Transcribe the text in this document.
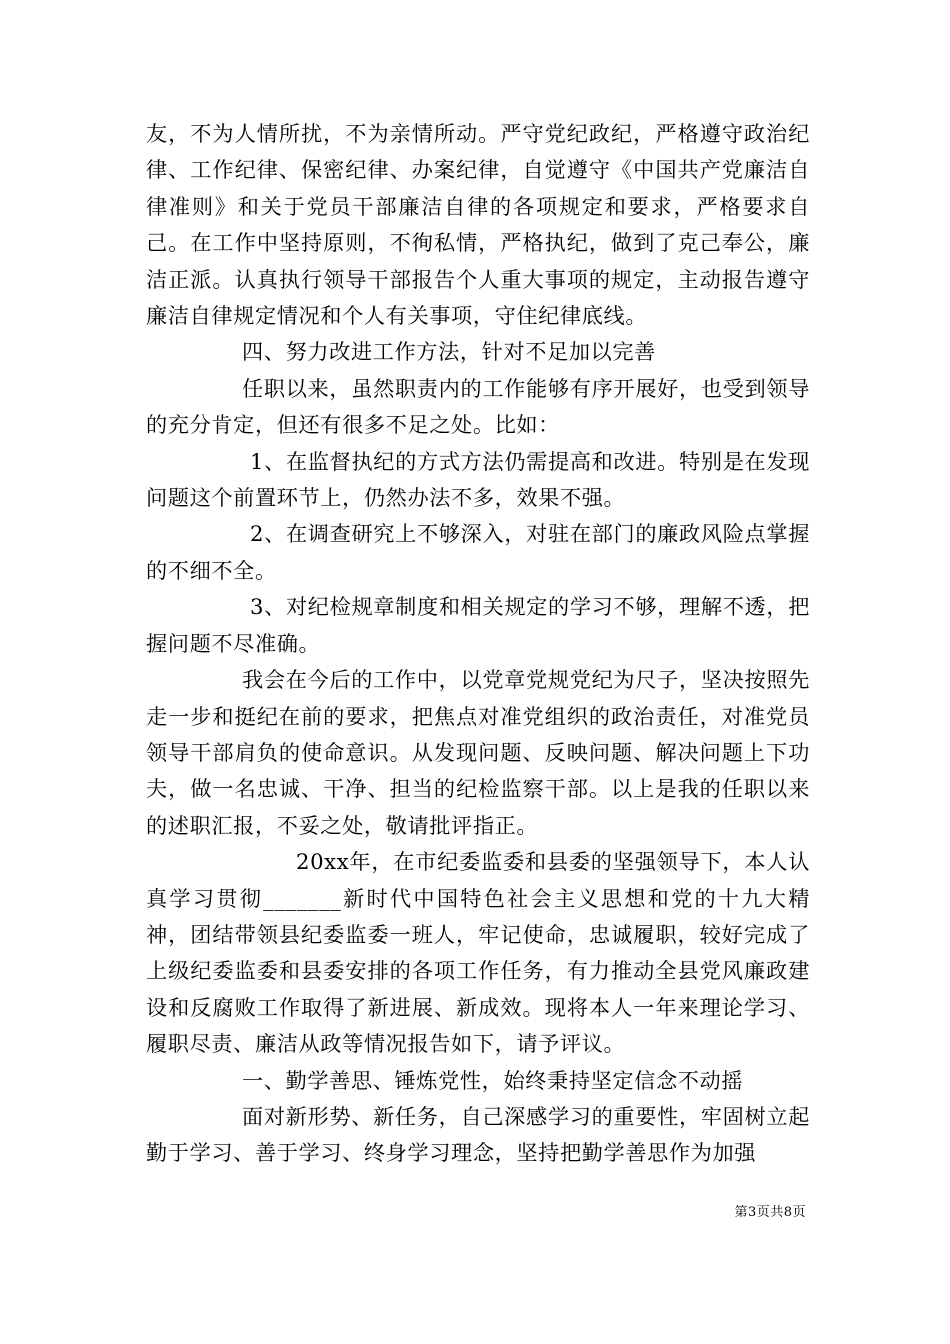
友，不为人情所扰，不为亲情所动。严守党纪政纪，严格遵守政治纪律、工作纪律、保密纪律、办案纪律，自觉遵守《中国共产党廉洁自律准则》和关于党员干部廉洁自律的各项规定和要求，严格要求自己。在工作中坚持原则，不徇私情，严格执纪，做到了克己奉公，廉洁正派。认真执行领导干部报告个人重大事项的规定，主动报告遵守廉洁自律规定情况和个人有关事项，守住纪律底线。

四、努力改进工作方法，针对不足加以完善

任职以来，虽然职责内的工作能够有序开展好，也受到领导的充分肯定，但还有很多不足之处。比如：

1、在监督执纪的方式方法仍需提高和改进。特别是在发现问题这个前置环节上，仍然办法不多，效果不强。

2、在调查研究上不够深入，对驻在部门的廉政风险点掌握的不细不全。

3、对纪检规章制度和相关规定的学习不够，理解不透，把握问题不尽准确。

我会在今后的工作中，以党章党规党纪为尺子，坚决按照先走一步和挺纪在前的要求，把焦点对准党组织的政治责任，对准党员领导干部肩负的使命意识。从发现问题、反映问题、解决问题上下功夫，做一名忠诚、干净、担当的纪检监察干部。以上是我的任职以来的述职汇报，不妥之处，敬请批评指正。

20xx年，在市纪委监委和县委的坚强领导下，本人认真学习贯彻_______新时代中国特色社会主义思想和党的十九大精神，团结带领县纪委监委一班人，牢记使命，忠诚履职，较好完成了上级纪委监委和县委安排的各项工作任务，有力推动全县党风廉政建设和反腐败工作取得了新进展、新成效。现将本人一年来理论学习、履职尽责、廉洁从政等情况报告如下，请予评议。

一、勤学善思、锤炼党性，始终秉持坚定信念不动摇

面对新形势、新任务，自己深感学习的重要性，牢固树立起勤于学习、善于学习、终身学习理念，坚持把勤学善思作为加强

第3页共8页
